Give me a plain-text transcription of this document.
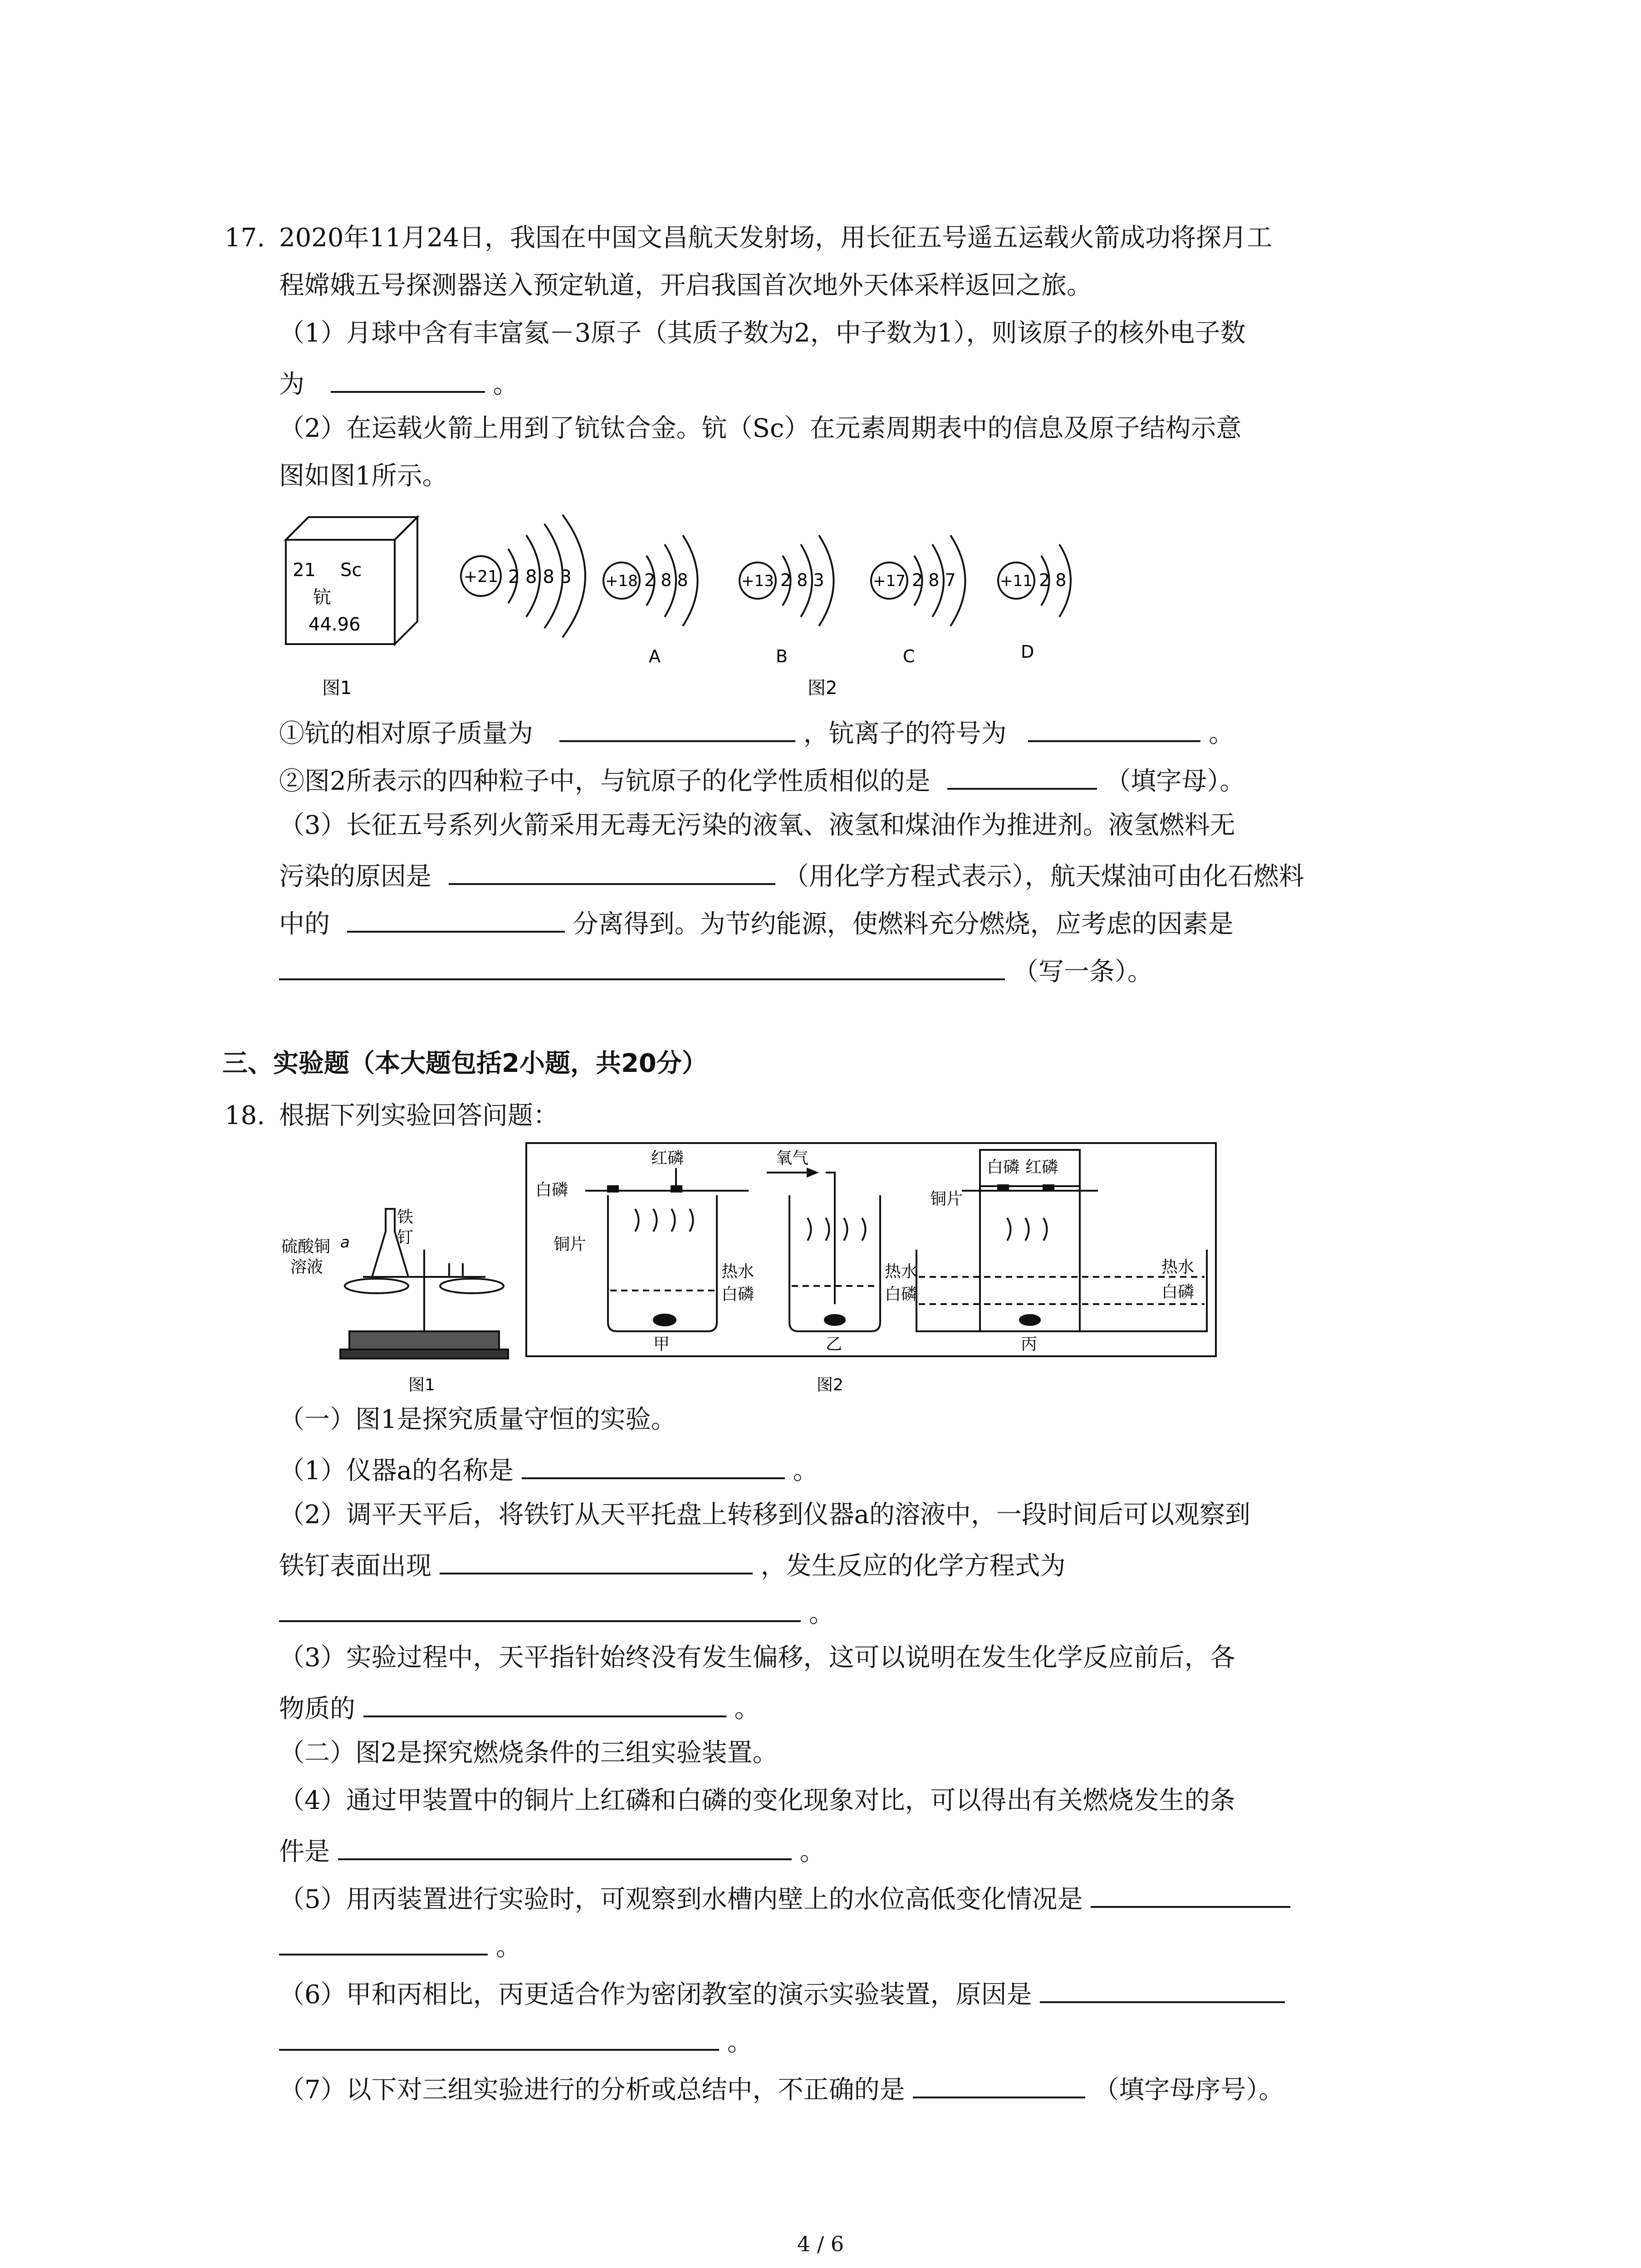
17. 2020年11月24日，我国在中国文昌航天发射场，用长征五号遥五运载火箭成功将探月工
程嫦娥五号探测器送入预定轨道，开启我国首次地外天体采样返回之旅。
（1）月球中含有丰富氦－3原子（其质子数为2，中子数为1），则该原子的核外电子数
为	。
（2）在运载火箭上用到了钪钛合金。钪（Sc）在元素周期表中的信息及原子结构示意
图如图1所示。
21 Sc
钪
44.96
图1
+21 2 8 8 3 +18 2 8 8
A
+13 2 8 3
B
+17 2 8 7
C
+11 2 8
D
图2
①钪的相对原子质量为	，钪离子的符号为	。
②图2所表示的四种粒子中，与钪原子的化学性质相似的是	（填字母）。
（3）长征五号系列火箭采用无毒无污染的液氧、液氢和煤油作为推进剂。液氢燃料无
污染的原因是	（用化学方程式表示），航天煤油可由化石燃料
中的	分离得到。为节约能源，使燃料充分燃烧，应考虑的因素是
（写一条）。
三、实验题（本大题包括2小题，共20分）
18. 根据下列实验回答问题：
硫酸铜
溶液
a
铁
钉
图1
红磷
白磷
铜片
热水
白磷
甲
氧气
热水
白磷
乙
白磷 红磷
铜片
热水
白磷
丙
图2
（一）图1是探究质量守恒的实验。
（1）仪器a的名称是	。
（2）调平天平后，将铁钉从天平托盘上转移到仪器a的溶液中，一段时间后可以观察到
铁钉表面出现	，发生反应的化学方程式为
。
（3）实验过程中，天平指针始终没有发生偏移，这可以说明在发生化学反应前后，各
物质的	。
（二）图2是探究燃烧条件的三组实验装置。
（4）通过甲装置中的铜片上红磷和白磷的变化现象对比，可以得出有关燃烧发生的条
件是	。
（5）用丙装置进行实验时，可观察到水槽内壁上的水位高低变化情况是
。
（6）甲和丙相比，丙更适合作为密闭教室的演示实验装置，原因是
。
（7）以下对三组实验进行的分析或总结中，不正确的是	（填字母序号）。
4 / 6
